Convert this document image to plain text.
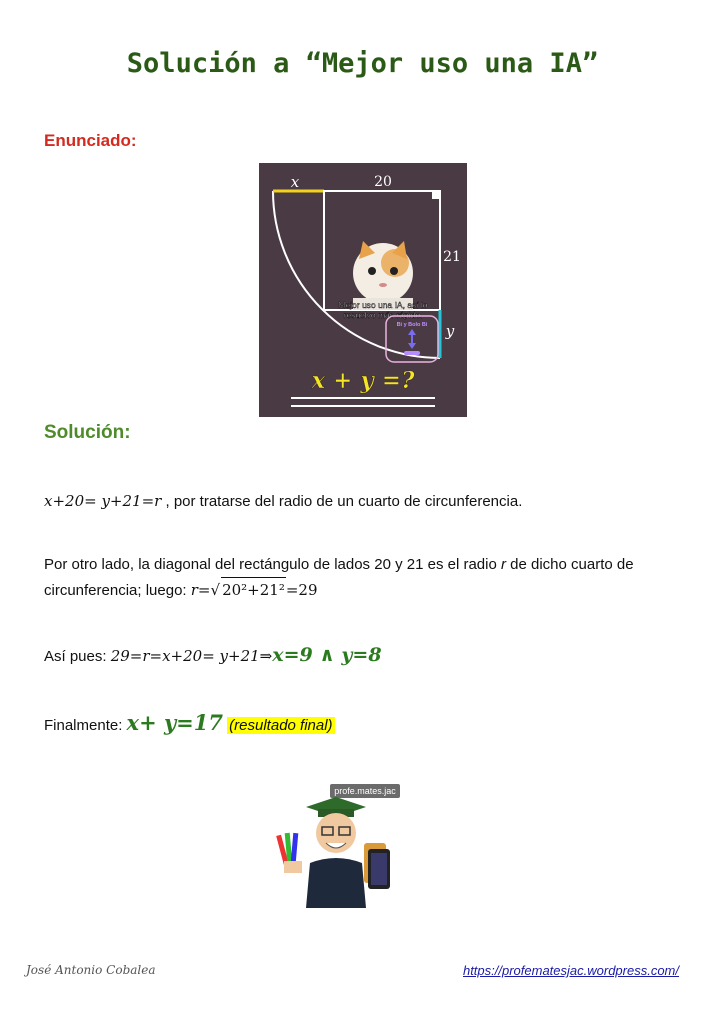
Solución a “Mejor uso una IA”
Enunciado:
x	20
21
y
Mejor uso una IA, así lo
resuelvo más rápido.
Bi y Bolo Bi
x + y =?
Solución:
x+20= y+21=r , por tratarse del radio de un cuarto de circunferencia.
Por otro lado, la diagonal del rectángulo de lados 20 y 21 es el radio r de dicho cuarto de
circunferencia; luego: r=√ 20²+21²=29
Así pues: 29=r=x+20= y+21⇒x=9 ∧ y=8
Finalmente: x+ y=17 (resultado final)
profe.mates.jac
José Antonio Cobalea	https://profematesjac.wordpress.com/
